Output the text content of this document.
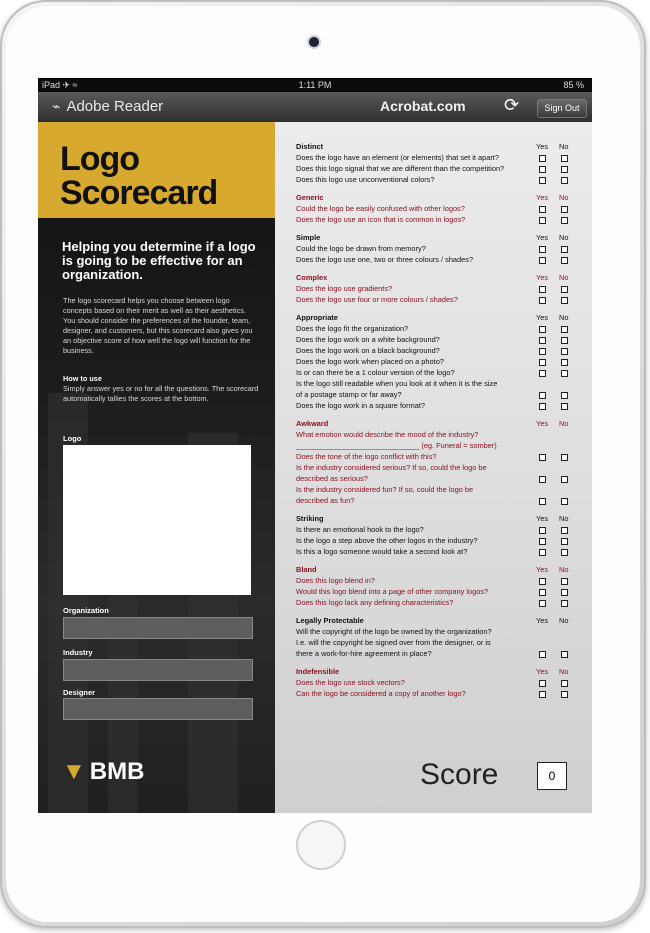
iPad ✈ ≈	1:11 PM	85 %
⌁ Adobe Reader	Acrobat.com ⟳	Sign Out
Logo
Scorecard
Helping you determine if a logo is going to be effective for an organization.
The logo scorecard helps you choose between logo concepts based on their merit as well as their aesthetics. You should consider the preferences of the founder, team, designer, and customers, but this scorecard also gives you an objective score of how well the logo will function for the business.
How to use
Simply answer yes or no for all the questions. The scorecard automatically tallies the scores at the bottom.
Logo
Organization
Industry
Designer
▼ BMB
Distinct	Yes No
Does the logo have an element (or elements) that set it apart?
Does this logo signal that we are different than the competition?
Does this logo use unconventional colors?
Generic	Yes No
Could the logo be easily confused with other logos?
Does the logo use an icon that is common in logos?
Simple	Yes No
Could the logo be drawn from memory?
Does the logo use one, two or three colours / shades?
Complex	Yes No
Does the logo use gradients?
Does the logo use four or more colours / shades?
Appropriate	Yes No
Does the logo fit the organization?
Does the logo work on a white background?
Does the logo work on a black background?
Does the logo work when placed on a photo?
Is or can there be a 1 colour version of the logo?
Is the logo still readable when you look at it when it is the size
of a postage stamp or far away?
Does the logo work in a square format?
Awkward	Yes No
What emotion would describe the mood of the industry?
______________________________ (eg. Funeral = somber)
Does the tone of the logo conflict with this?
Is the industry considered serious? If so, could the logo be
described as serious?
Is the industry considered fun? If so, could the logo be
described as fun?
Striking	Yes No
Is there an emotional hook to the logo?
Is the logo a step above the other logos in the industry?
Is this a logo someone would take a second look at?
Bland	Yes No
Does this logo blend in?
Would this logo blend into a page of other company logos?
Does this logo lack any defining characteristics?
Legally Protectable	Yes No
Will the copyright of the logo be owned by the organization?
I.e. will the copyright be signed over from the designer, or is
there a work-for-hire agreement in place?
Indefensible	Yes No
Does the logo use stock vectors?
Can the logo be considered a copy of another logo?
Score	0
